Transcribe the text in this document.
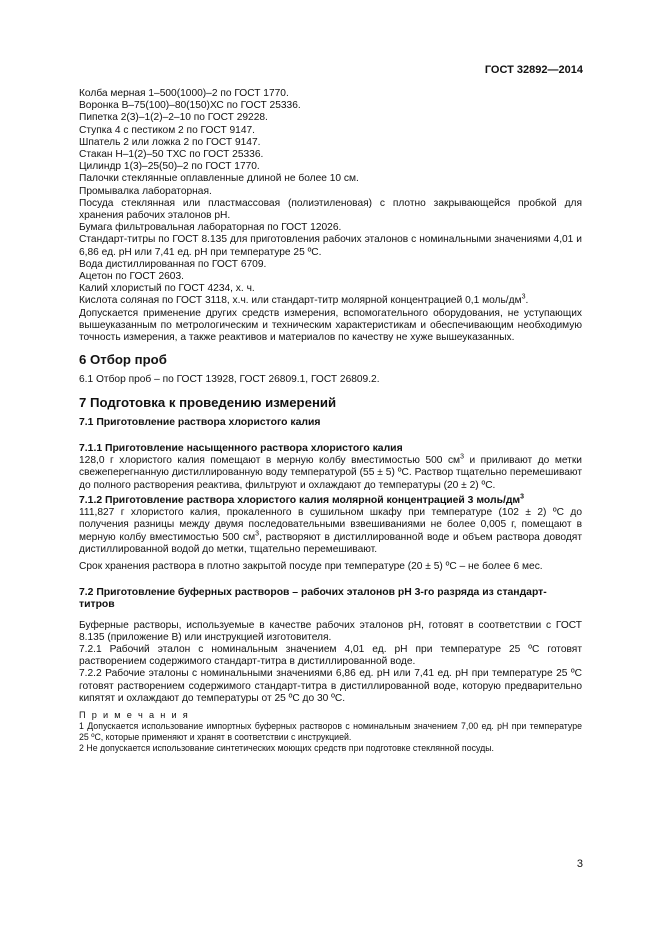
ГОСТ 32892—2014

Колба мерная 1–500(1000)–2 по ГОСТ 1770.

Воронка В–75(100)–80(150)ХС по ГОСТ 25336.

Пипетка 2(3)–1(2)–2–10 по ГОСТ 29228.

Ступка 4 с пестиком 2 по ГОСТ 9147.

Шпатель 2 или ложка 2 по ГОСТ 9147.

Стакан Н–1(2)–50 ТХС по ГОСТ 25336.

Цилиндр 1(3)–25(50)–2 по ГОСТ 1770.

Палочки стеклянные оплавленные длиной не более 10 см.

Промывалка лабораторная.

Посуда стеклянная или пластмассовая (полиэтиленовая) с плотно закрывающейся пробкой для хранения рабочих эталонов рН.

Бумага фильтровальная лабораторная по ГОСТ 12026.

Стандарт-титры по ГОСТ 8.135 для приготовления рабочих эталонов с номинальными значениями 4,01 и 6,86 ед. рН или 7,41 ед. рН при температуре 25 ºС.

Вода дистиллированная по ГОСТ 6709.

Ацетон по ГОСТ 2603.

Калий хлористый по ГОСТ 4234, х. ч.

Кислота соляная по ГОСТ 3118, х.ч. или стандарт-титр молярной концентрацией 0,1 моль/$дм^3$.

Допускается применение других средств измерения, вспомогательного оборудования, не уступающих вышеуказанным по метрологическим и техническим характеристикам и обеспечивающим необходимую точность измерения, а также реактивов и материалов по качеству не хуже вышеуказанных.

6 Отбор проб

6.1 Отбор проб – по ГОСТ 13928, ГОСТ 26809.1, ГОСТ 26809.2.

7 Подготовка к проведению измерений

7.1 Приготовление раствора хлористого калия

7.1.1 Приготовление насыщенного раствора хлористого калия

128,0 г хлористого калия помещают в мерную колбу вместимостью 500 $см^3$ и приливают до метки свежеперегнанную дистиллированную воду температурой (55 ± 5) ºС. Раствор тщательно перемешивают до полного растворения реактива, фильтруют и охлаждают до температуры (20 ± 2) ºС.

7.1.2 Приготовление раствора хлористого калия молярной концентрацией 3 моль/$дм^3$

111,827 г хлористого калия, прокаленного в сушильном шкафу при температуре (102 ± 2) ºС до получения разницы между двумя последовательными взвешиваниями не более 0,005 г, помещают в мерную колбу вместимостью 500 $см^3$, растворяют в дистиллированной воде и объем раствора доводят дистиллированной водой до метки, тщательно перемешивают.

Срок хранения раствора в плотно закрытой посуде при температуре (20 ± 5) ºС – не более 6 мес.

7.2 Приготовление буферных растворов – рабочих эталонов рН 3-го разряда из стандарт-титров

Буферные растворы, используемые в качестве рабочих эталонов рН, готовят в соответствии с ГОСТ 8.135 (приложение В) или инструкцией изготовителя.

7.2.1 Рабочий эталон с номинальным значением 4,01 ед. рН при температуре 25 ºС готовят растворением содержимого стандарт-титра в дистиллированной воде.

7.2.2 Рабочие эталоны с номинальными значениями 6,86 ед. рН или 7,41 ед. рН при температуре 25 ºС готовят растворением содержимого стандарт-титра в дистиллированной воде, которую предварительно кипятят и охлаждают до температуры от 25 ºС до 30 ºС.

П р и м е ч а н и я

1 Допускается использование импортных буферных растворов с номинальным значением 7,00 ед. рН при температуре 25 ºС, которые применяют и хранят в соответствии с инструкцией.

2 Не допускается использование синтетических моющих средств при подготовке стеклянной посуды.

3
